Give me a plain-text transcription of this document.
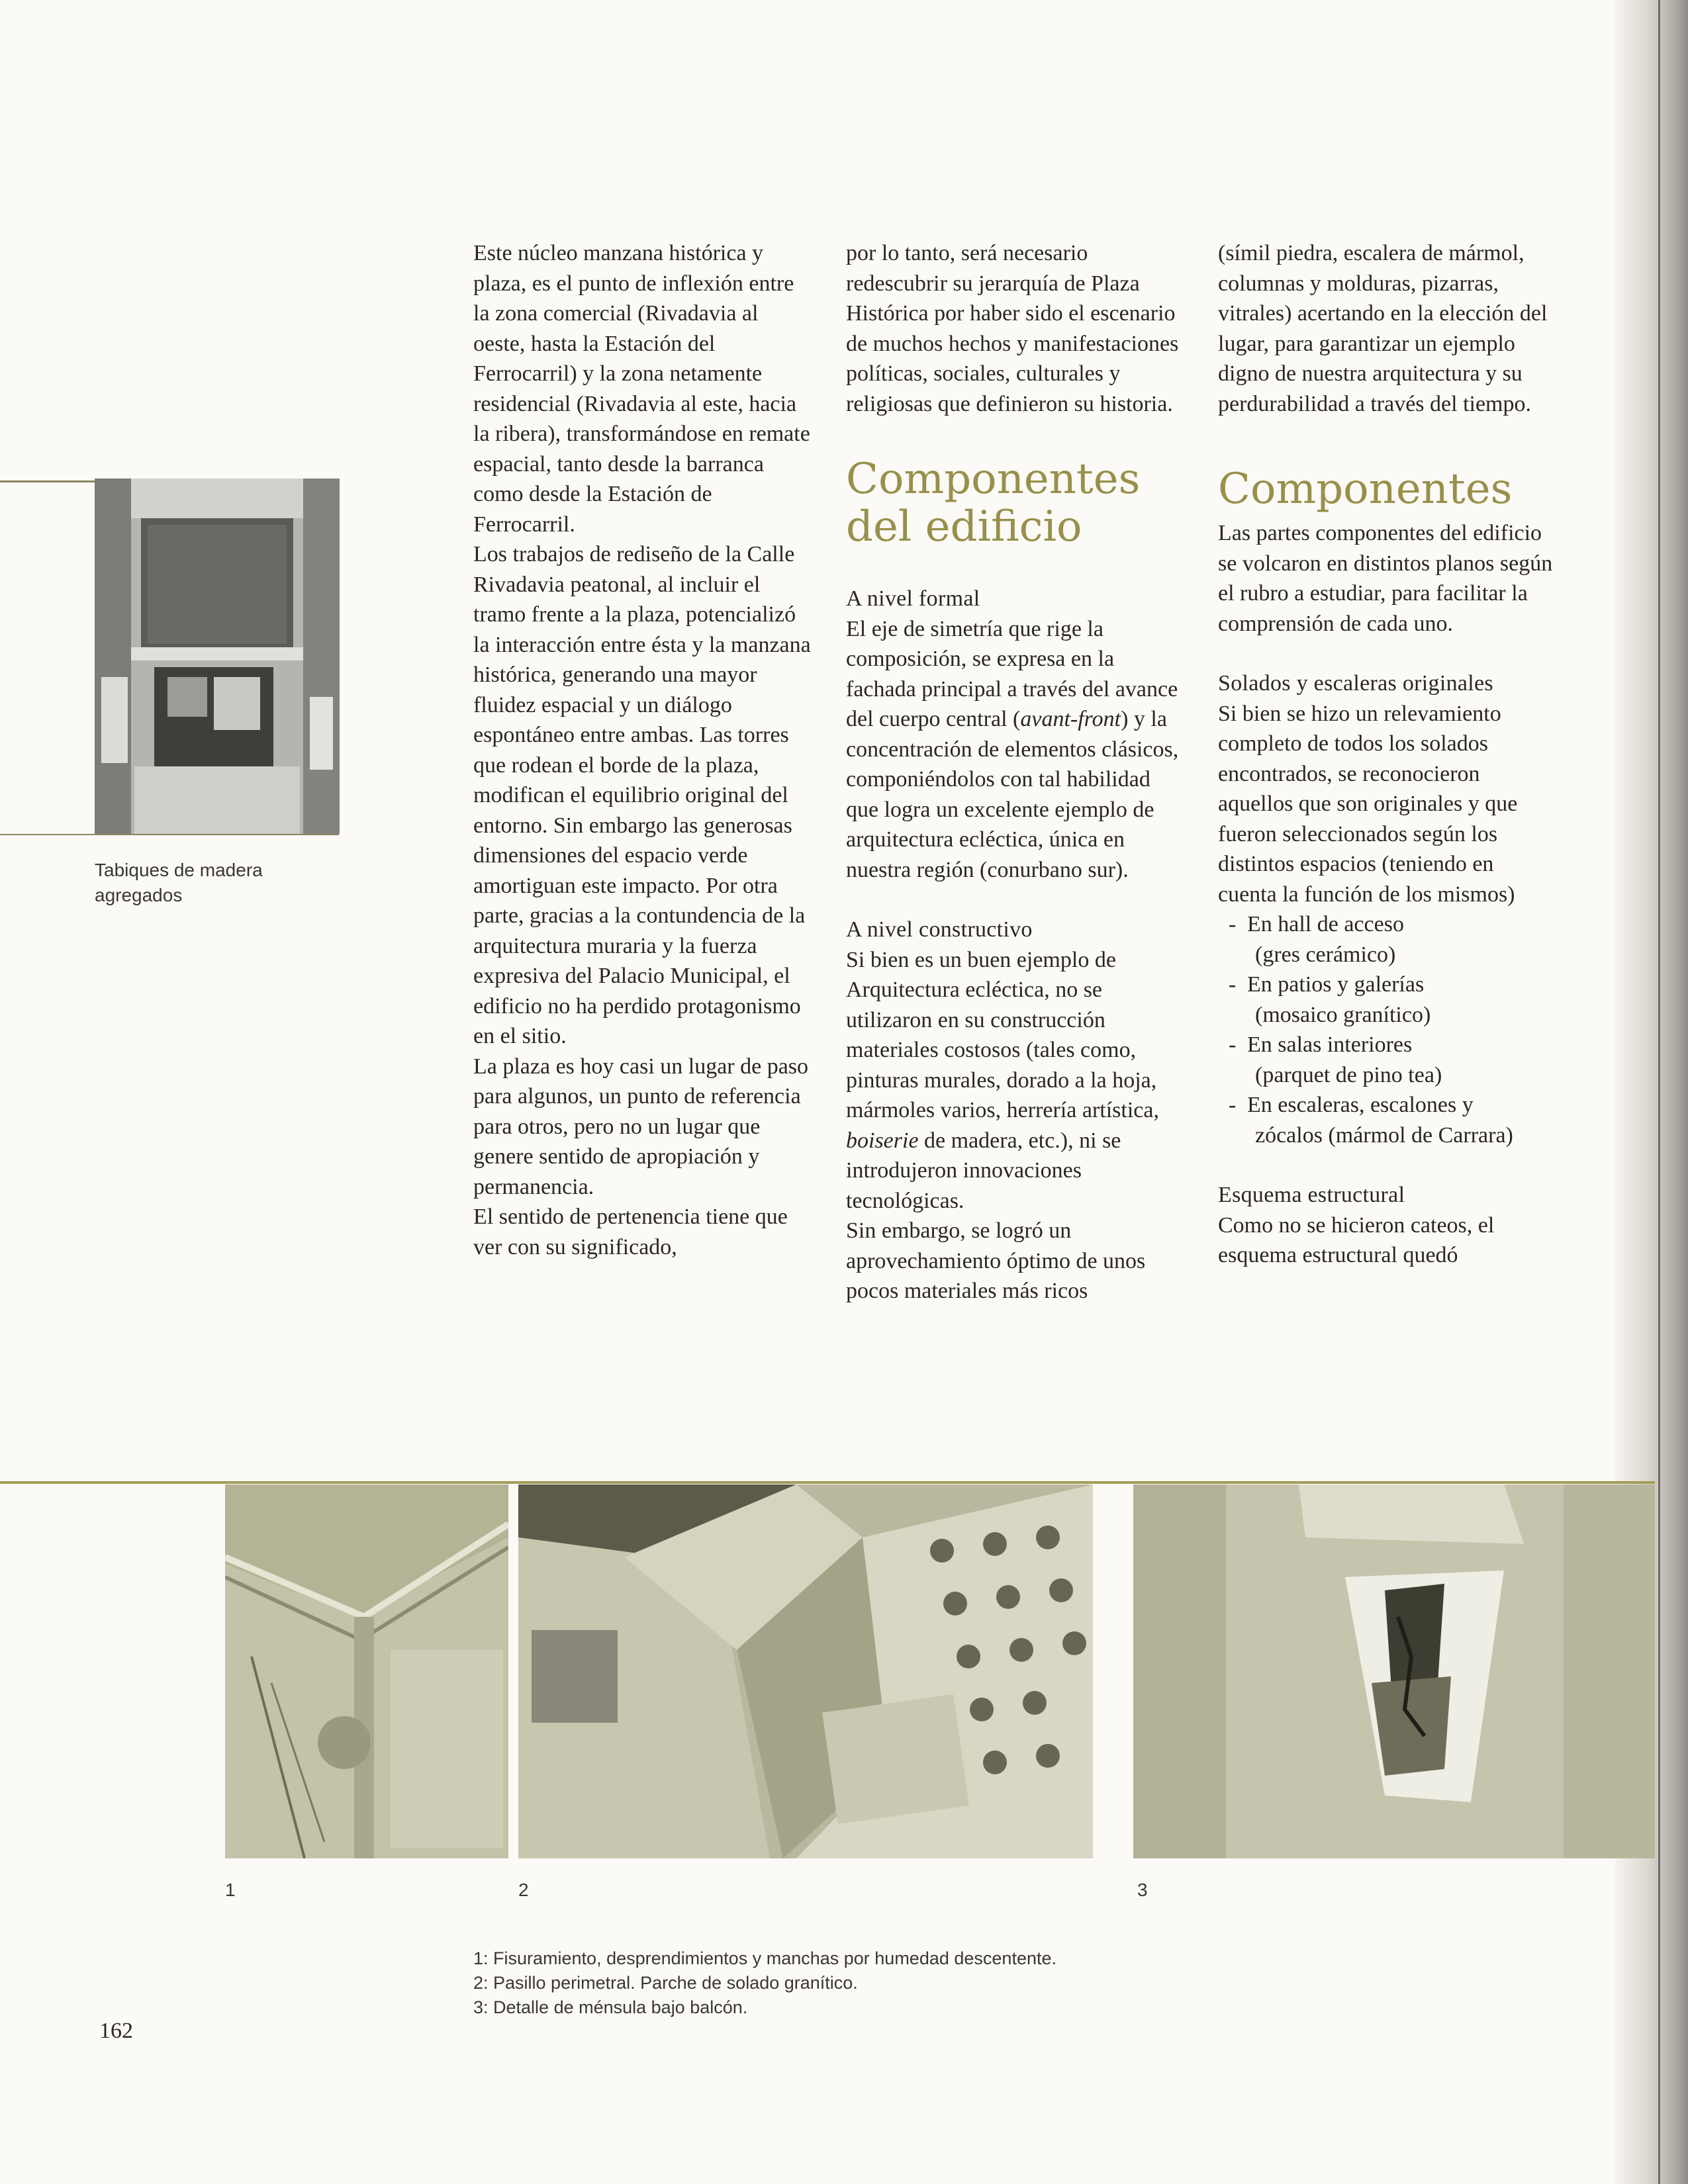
Tabiques de madera agregados

Este núcleo manzana histórica y plaza, es el punto de inflexión entre la zona comercial (Rivadavia al oeste, hasta la Estación del Ferrocarril) y la zona netamente residencial (Rivadavia al este, hacia la ribera), transformándose en remate espacial, tanto desde la barranca como desde la Estación de Ferrocarril.

Los trabajos de rediseño de la Calle Rivadavia peatonal, al incluir el tramo frente a la plaza, potencializó la interacción entre ésta y la manzana histórica, generando una mayor fluidez espacial y un diálogo espontáneo entre ambas. Las torres que rodean el borde de la plaza, modifican el equilibrio original del entorno. Sin embargo las generosas dimensiones del espacio verde amortiguan este impacto. Por otra parte, gracias a la contundencia de la arquitectura muraria y la fuerza expresiva del Palacio Municipal, el edificio no ha perdido protagonismo en el sitio.

La plaza es hoy casi un lugar de paso para algunos, un punto de referencia para otros, pero no un lugar que genere sentido de apropiación y permanencia.

El sentido de pertenencia tiene que ver con su significado,

por lo tanto, será necesario redescubrir su jerarquía de Plaza Histórica por haber sido el escenario de muchos hechos y manifestaciones políticas, sociales, culturales y religiosas que definieron su historia.

Componentes del edificio

A nivel formal

El eje de simetría que rige la composición, se expresa en la fachada principal a través del avance del cuerpo central (avant-front) y la concentración de elementos clásicos, componiéndolos con tal habilidad que logra un excelente ejemplo de arquitectura ecléctica, única en nuestra región (conurbano sur).

A nivel constructivo

Si bien es un buen ejemplo de Arquitectura ecléctica, no se utilizaron en su construcción materiales costosos (tales como, pinturas murales, dorado a la hoja, mármoles varios, herrería artística, boiserie de madera, etc.), ni se introdujeron innovaciones tecnológicas.

Sin embargo, se logró un aprovechamiento óptimo de unos pocos materiales más ricos

(símil piedra, escalera de mármol, columnas y molduras, pizarras, vitrales) acertando en la elección del lugar, para garantizar un ejemplo digno de nuestra arquitectura y su perdurabilidad a través del tiempo.

Componentes

Las partes componentes del edificio se volcaron en distintos planos según el rubro a estudiar, para facilitar la comprensión de cada uno.

Solados y escaleras originales

Si bien se hizo un relevamiento completo de todos los solados encontrados, se reconocieron aquellos que son originales y que fueron seleccionados según los distintos espacios (teniendo en cuenta la función de los mismos)

- En hall de acceso
(gres cerámico)
- En patios y galerías
(mosaico granítico)
- En salas interiores
(parquet de pino tea)
- En escaleras, escalones y
zócalos (mármol de Carrara)

Esquema estructural

Como no se hicieron cateos, el esquema estructural quedó

1	2	3

1: Fisuramiento, desprendimientos y manchas por humedad descentente.

2: Pasillo perimetral. Parche de solado granítico.

3: Detalle de ménsula bajo balcón.

162
